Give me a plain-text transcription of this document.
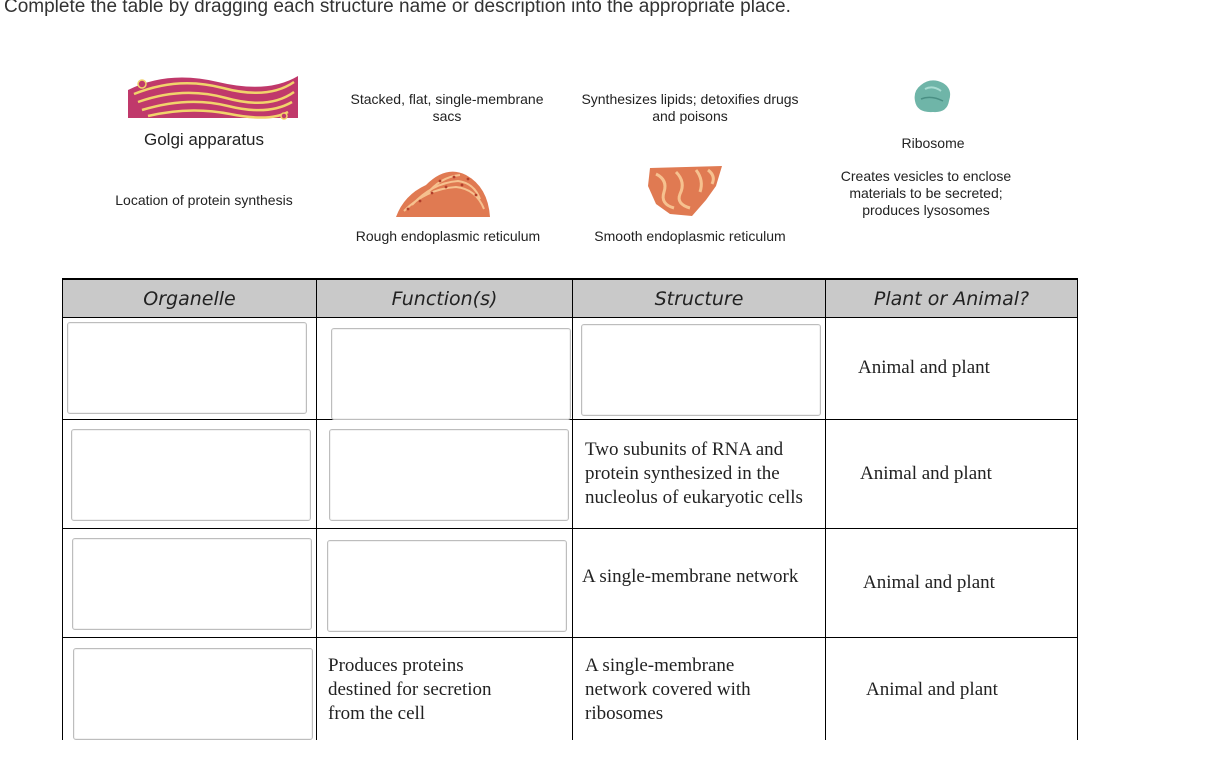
Complete the table by dragging each structure name or description into the appropriate place.
Golgi apparatus
Stacked, flat, single-membrane sacs
Synthesizes lipids; detoxifies drugs and poisons
Ribosome
Location of protein synthesis
Rough endoplasmic reticulum	Smooth endoplasmic reticulum
Creates vesicles to enclose materials to be secreted; produces lysosomes
Organelle	Function(s)	Structure	Plant or Animal?

			Animal and plant

		Two subunits of RNA and protein synthesized in the nucleolus of eukaryotic cells	Animal and plant

		A single-membrane network	Animal and plant

	Produces proteins destined for secretion from the cell	A single-membrane network covered with ribosomes	Animal and plant
